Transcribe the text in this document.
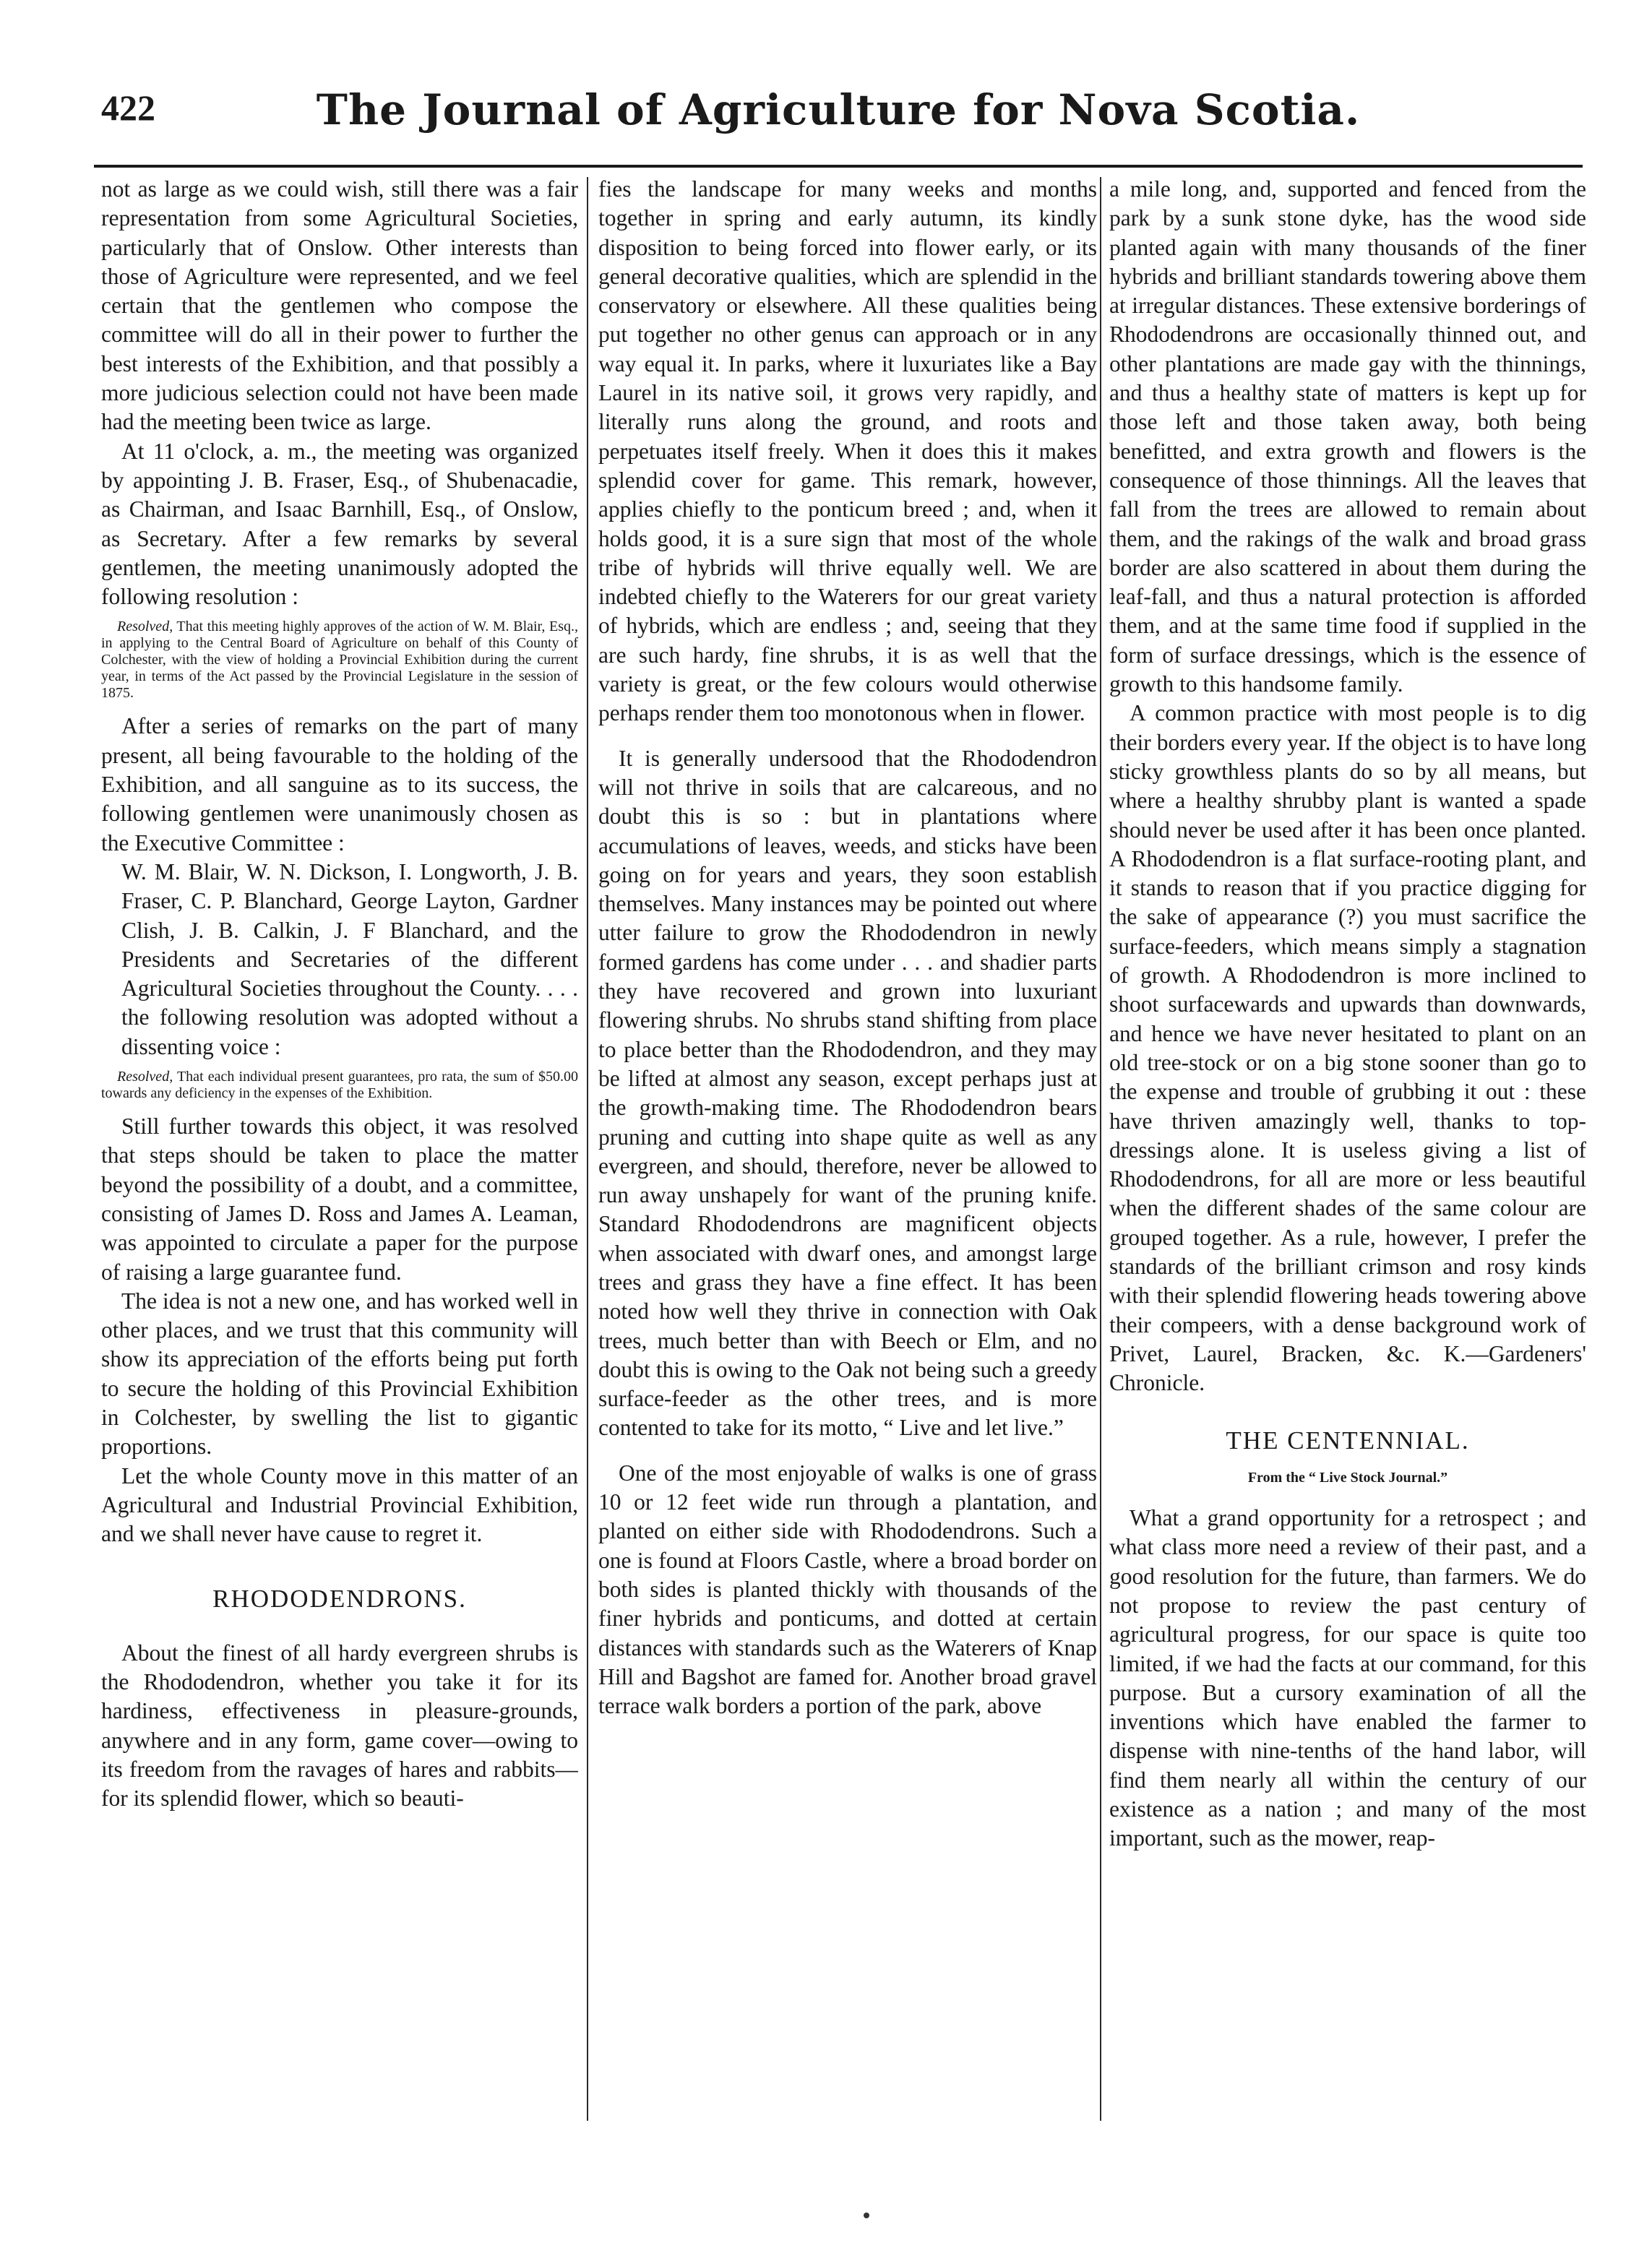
422	The Journal of Agriculture for Nova Scotia.

not as large as we could wish, still there was a fair representation from some Agricultural Societies, particularly that of Onslow. Other interests than those of Agriculture were represented, and we feel certain that the gentlemen who compose the committee will do all in their power to further the best interests of the Exhibition, and that possibly a more judicious selection could not have been made had the meeting been twice as large.

At 11 o'clock, a. m., the meeting was organized by appointing J. B. Fraser, Esq., of Shubenacadie, as Chairman, and Isaac Barnhill, Esq., of Onslow, as Secretary. After a few remarks by several gentlemen, the meeting unanimously adopted the following resolution :

Resolved, That this meeting highly approves of the action of W. M. Blair, Esq., in applying to the Central Board of Agriculture on behalf of this County of Colchester, with the view of holding a Provincial Exhibition during the current year, in terms of the Act passed by the Provincial Legislature in the session of 1875.

After a series of remarks on the part of many present, all being favourable to the holding of the Exhibition, and all sanguine as to its success, the following gentlemen were unanimously chosen as the Executive Committee :

W. M. Blair, W. N. Dickson, I. Longworth, J. B. Fraser, C. P. Blanchard, George Layton, Gardner Clish, J. B. Calkin, J. F Blanchard, and the Presidents and Secretaries of the different Agricultural Societies throughout the County. . . . the following resolution was adopted without a dissenting voice :

Resolved, That each individual present guarantees, pro rata, the sum of $50.00 towards any deficiency in the expenses of the Exhibition.

Still further towards this object, it was resolved that steps should be taken to place the matter beyond the possibility of a doubt, and a committee, consisting of James D. Ross and James A. Leaman, was appointed to circulate a paper for the purpose of raising a large guarantee fund.

The idea is not a new one, and has worked well in other places, and we trust that this community will show its appreciation of the efforts being put forth to secure the holding of this Provincial Exhibition in Colchester, by swelling the list to gigantic proportions.

Let the whole County move in this matter of an Agricultural and Industrial Provincial Exhibition, and we shall never have cause to regret it.

RHODODENDRONS.

About the finest of all hardy evergreen shrubs is the Rhododendron, whether you take it for its hardiness, effectiveness in pleasure-grounds, anywhere and in any form, game cover—owing to its freedom from the ravages of hares and rabbits—for its splendid flower, which so beauti-

fies the landscape for many weeks and months together in spring and early autumn, its kindly disposition to being forced into flower early, or its general decorative qualities, which are splendid in the conservatory or elsewhere. All these qualities being put together no other genus can approach or in any way equal it. In parks, where it luxuriates like a Bay Laurel in its native soil, it grows very rapidly, and literally runs along the ground, and roots and perpetuates itself freely. When it does this it makes splendid cover for game. This remark, however, applies chiefly to the ponticum breed ; and, when it holds good, it is a sure sign that most of the whole tribe of hybrids will thrive equally well. We are indebted chiefly to the Waterers for our great variety of hybrids, which are endless ; and, seeing that they are such hardy, fine shrubs, it is as well that the variety is great, or the few colours would otherwise perhaps render them too monotonous when in flower.

It is generally undersood that the Rhododendron will not thrive in soils that are calcareous, and no doubt this is so : but in plantations where accumulations of leaves, weeds, and sticks have been going on for years and years, they soon establish themselves. Many instances may be pointed out where utter failure to grow the Rhododendron in newly formed gardens has come under . . . and shadier parts they have recovered and grown into luxuriant flowering shrubs. No shrubs stand shifting from place to place better than the Rhododendron, and they may be lifted at almost any season, except perhaps just at the growth-making time. The Rhododendron bears pruning and cutting into shape quite as well as any evergreen, and should, therefore, never be allowed to run away unshapely for want of the pruning knife. Standard Rhododendrons are magnificent objects when associated with dwarf ones, and amongst large trees and grass they have a fine effect. It has been noted how well they thrive in connection with Oak trees, much better than with Beech or Elm, and no doubt this is owing to the Oak not being such a greedy surface-feeder as the other trees, and is more contented to take for its motto, “ Live and let live.”

One of the most enjoyable of walks is one of grass 10 or 12 feet wide run through a plantation, and planted on either side with Rhododendrons. Such a one is found at Floors Castle, where a broad border on both sides is planted thickly with thousands of the finer hybrids and ponticums, and dotted at certain distances with standards such as the Waterers of Knap Hill and Bagshot are famed for. Another broad gravel terrace walk borders a portion of the park, above

a mile long, and, supported and fenced from the park by a sunk stone dyke, has the wood side planted again with many thousands of the finer hybrids and brilliant standards towering above them at irregular distances. These extensive borderings of Rhododendrons are occasionally thinned out, and other plantations are made gay with the thinnings, and thus a healthy state of matters is kept up for those left and those taken away, both being benefitted, and extra growth and flowers is the consequence of those thinnings. All the leaves that fall from the trees are allowed to remain about them, and the rakings of the walk and broad grass border are also scattered in about them during the leaf-fall, and thus a natural protection is afforded them, and at the same time food if supplied in the form of surface dressings, which is the essence of growth to this handsome family.

A common practice with most people is to dig their borders every year. If the object is to have long sticky growthless plants do so by all means, but where a healthy shrubby plant is wanted a spade should never be used after it has been once planted. A Rhododendron is a flat surface-rooting plant, and it stands to reason that if you practice digging for the sake of appearance (?) you must sacrifice the surface-feeders, which means simply a stagnation of growth. A Rhododendron is more inclined to shoot surfacewards and upwards than downwards, and hence we have never hesitated to plant on an old tree-stock or on a big stone sooner than go to the expense and trouble of grubbing it out : these have thriven amazingly well, thanks to top-dressings alone. It is useless giving a list of Rhododendrons, for all are more or less beautiful when the different shades of the same colour are grouped together. As a rule, however, I prefer the standards of the brilliant crimson and rosy kinds with their splendid flowering heads towering above their compeers, with a dense background work of Privet, Laurel, Bracken, &c. K.—Gardeners' Chronicle.

THE CENTENNIAL.

From the “ Live Stock Journal.”

What a grand opportunity for a retrospect ; and what class more need a review of their past, and a good resolution for the future, than farmers. We do not propose to review the past century of agricultural progress, for our space is quite too limited, if we had the facts at our command, for this purpose. But a cursory examination of all the inventions which have enabled the farmer to dispense with nine-tenths of the hand labor, will find them nearly all within the century of our existence as a nation ; and many of the most important, such as the mower, reap-
